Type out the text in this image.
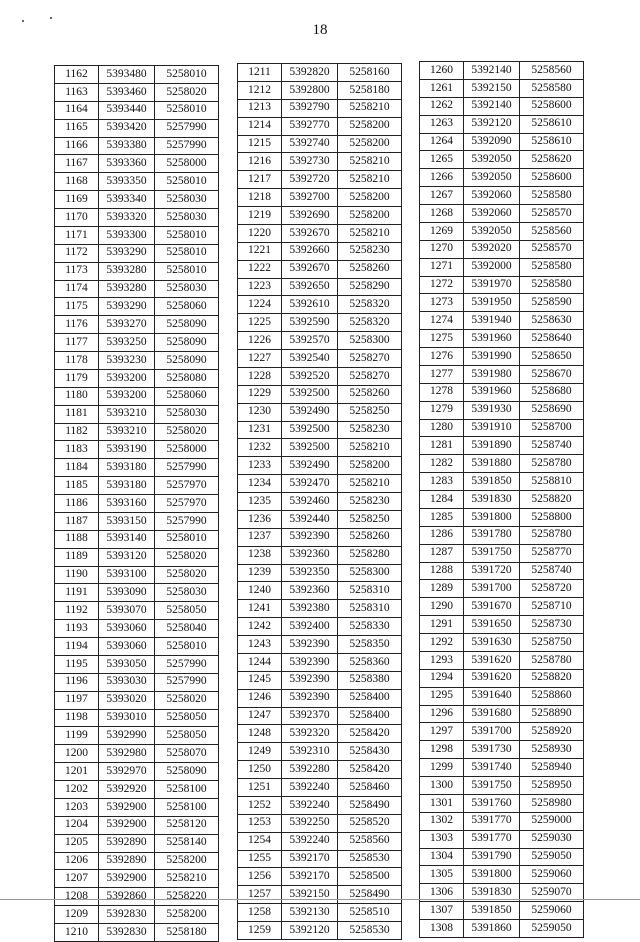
18
1162	5393480	5258010
1163	5393460	5258020
1164	5393440	5258010
1165	5393420	5257990
1166	5393380	5257990
1167	5393360	5258000
1168	5393350	5258010
1169	5393340	5258030
1170	5393320	5258030
1171	5393300	5258010
1172	5393290	5258010
1173	5393280	5258010
1174	5393280	5258030
1175	5393290	5258060
1176	5393270	5258090
1177	5393250	5258090
1178	5393230	5258090
1179	5393200	5258080
1180	5393200	5258060
1181	5393210	5258030
1182	5393210	5258020
1183	5393190	5258000
1184	5393180	5257990
1185	5393180	5257970
1186	5393160	5257970
1187	5393150	5257990
1188	5393140	5258010
1189	5393120	5258020
1190	5393100	5258020
1191	5393090	5258030
1192	5393070	5258050
1193	5393060	5258040
1194	5393060	5258010
1195	5393050	5257990
1196	5393030	5257990
1197	5393020	5258020
1198	5393010	5258050
1199	5392990	5258050
1200	5392980	5258070
1201	5392970	5258090
1202	5392920	5258100
1203	5392900	5258100
1204	5392900	5258120
1205	5392890	5258140
1206	5392890	5258200
1207	5392900	5258210
1208	5392860	5258220
1209	5392830	5258200
1210	5392830	5258180
1211	5392820	5258160
1212	5392800	5258180
1213	5392790	5258210
1214	5392770	5258200
1215	5392740	5258200
1216	5392730	5258210
1217	5392720	5258210
1218	5392700	5258200
1219	5392690	5258200
1220	5392670	5258210
1221	5392660	5258230
1222	5392670	5258260
1223	5392650	5258290
1224	5392610	5258320
1225	5392590	5258320
1226	5392570	5258300
1227	5392540	5258270
1228	5392520	5258270
1229	5392500	5258260
1230	5392490	5258250
1231	5392500	5258230
1232	5392500	5258210
1233	5392490	5258200
1234	5392470	5258210
1235	5392460	5258230
1236	5392440	5258250
1237	5392390	5258260
1238	5392360	5258280
1239	5392350	5258300
1240	5392360	5258310
1241	5392380	5258310
1242	5392400	5258330
1243	5392390	5258350
1244	5392390	5258360
1245	5392390	5258380
1246	5392390	5258400
1247	5392370	5258400
1248	5392320	5258420
1249	5392310	5258430
1250	5392280	5258420
1251	5392240	5258460
1252	5392240	5258490
1253	5392250	5258520
1254	5392240	5258560
1255	5392170	5258530
1256	5392170	5258500
1257	5392150	5258490
1258	5392130	5258510
1259	5392120	5258530
1260	5392140	5258560
1261	5392150	5258580
1262	5392140	5258600
1263	5392120	5258610
1264	5392090	5258610
1265	5392050	5258620
1266	5392050	5258600
1267	5392060	5258580
1268	5392060	5258570
1269	5392050	5258560
1270	5392020	5258570
1271	5392000	5258580
1272	5391970	5258580
1273	5391950	5258590
1274	5391940	5258630
1275	5391960	5258640
1276	5391990	5258650
1277	5391980	5258670
1278	5391960	5258680
1279	5391930	5258690
1280	5391910	5258700
1281	5391890	5258740
1282	5391880	5258780
1283	5391850	5258810
1284	5391830	5258820
1285	5391800	5258800
1286	5391780	5258780
1287	5391750	5258770
1288	5391720	5258740
1289	5391700	5258720
1290	5391670	5258710
1291	5391650	5258730
1292	5391630	5258750
1293	5391620	5258780
1294	5391620	5258820
1295	5391640	5258860
1296	5391680	5258890
1297	5391700	5258920
1298	5391730	5258930
1299	5391740	5258940
1300	5391750	5258950
1301	5391760	5258980
1302	5391770	5259000
1303	5391770	5259030
1304	5391790	5259050
1305	5391800	5259060
1306	5391830	5259070
1307	5391850	5259060
1308	5391860	5259050
